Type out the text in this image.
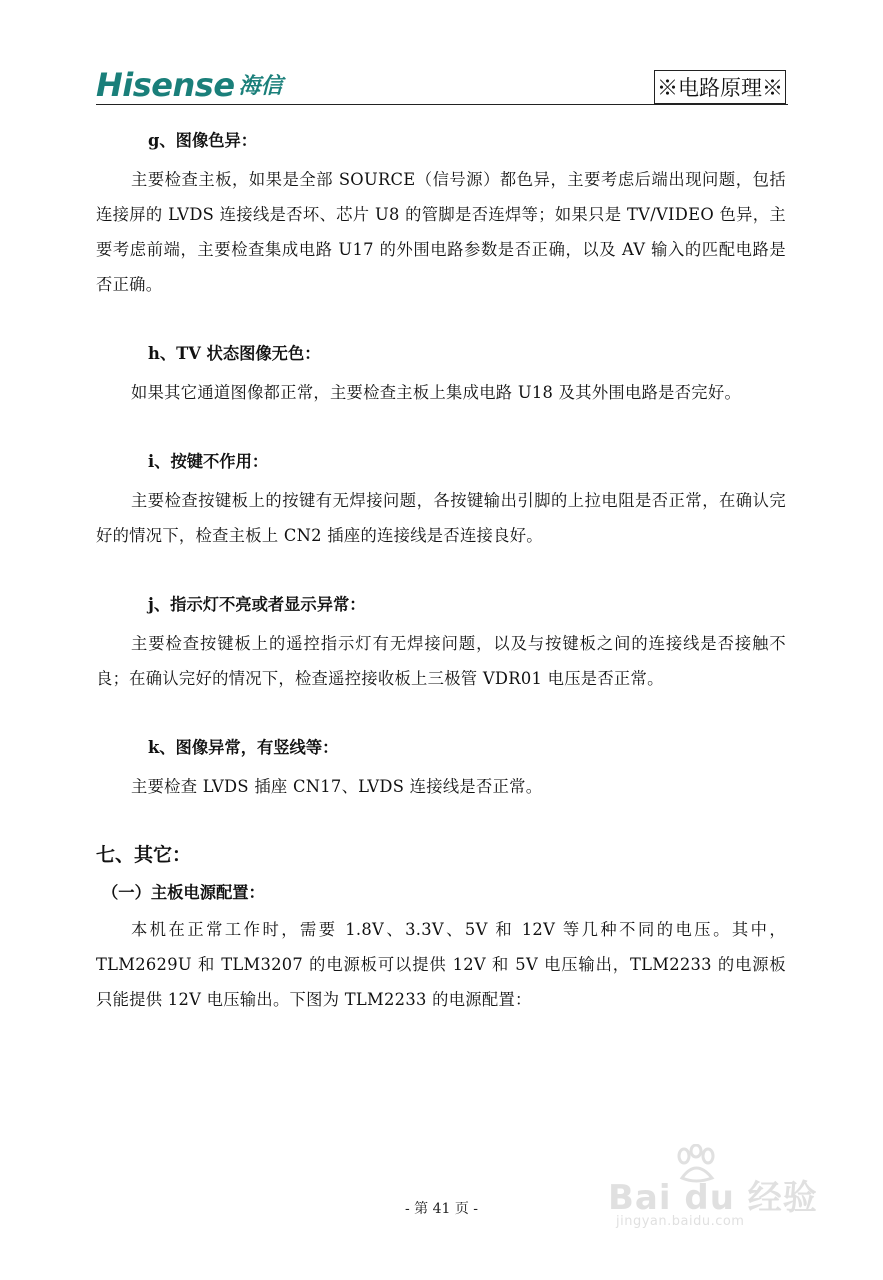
Hisense 海信	※电路原理※

g、图像色异：

主要检查主板，如果是全部 SOURCE（信号源）都色异，主要考虑后端出现问题，包括连接屏的 LVDS 连接线是否坏、芯片 U8 的管脚是否连焊等；如果只是 TV/VIDEO 色异，主要考虑前端，主要检查集成电路 U17 的外围电路参数是否正确，以及 AV 输入的匹配电路是否正确。

h、TV 状态图像无色：

如果其它通道图像都正常，主要检查主板上集成电路 U18 及其外围电路是否完好。

i、按键不作用：

主要检查按键板上的按键有无焊接问题，各按键输出引脚的上拉电阻是否正常，在确认完好的情况下，检查主板上 CN2 插座的连接线是否连接良好。

j、指示灯不亮或者显示异常：

主要检查按键板上的遥控指示灯有无焊接问题，以及与按键板之间的连接线是否接触不良；在确认完好的情况下，检查遥控接收板上三极管 VDR01 电压是否正常。

k、图像异常，有竖线等：

主要检查 LVDS 插座 CN17、LVDS 连接线是否正常。

七、其它：

（一）主板电源配置：

本机在正常工作时，需要 1.8V、3.3V、5V 和 12V 等几种不同的电压。其中，TLM2629U 和 TLM3207 的电源板可以提供 12V 和 5V 电压输出，TLM2233 的电源板只能提供 12V 电压输出。下图为 TLM2233 的电源配置：

- 第 41 页 -	Bai du 经验
jingyan.baidu.com
